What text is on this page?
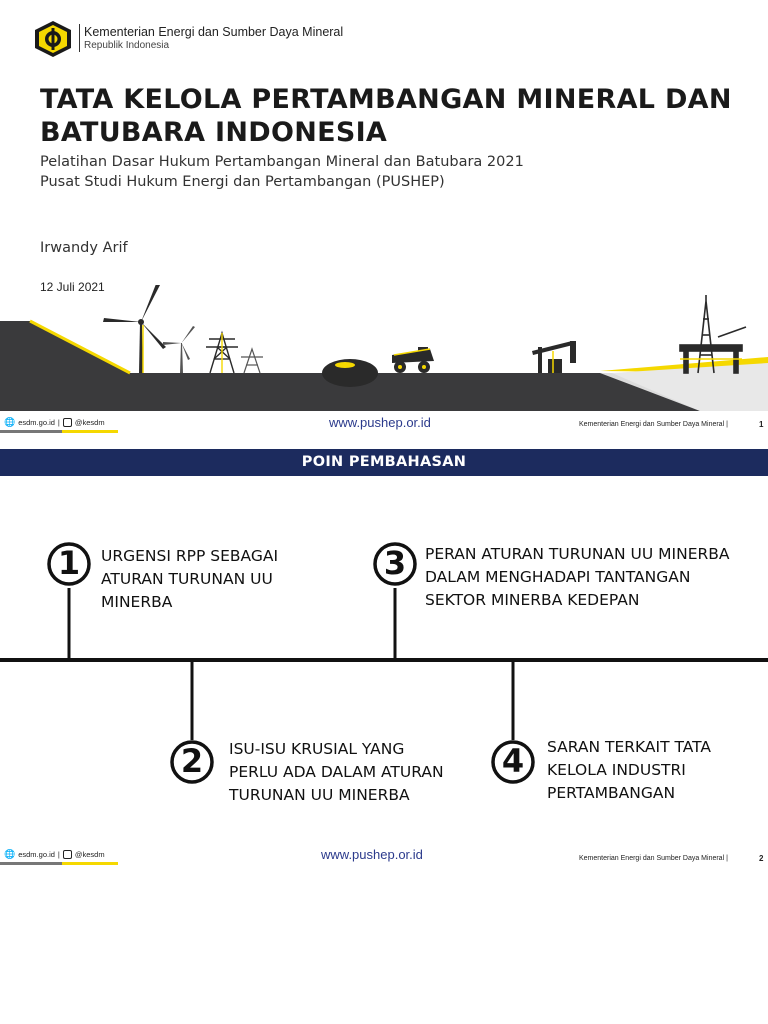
Kementerian Energi dan Sumber Daya Mineral
Republik Indonesia
TATA KELOLA PERTAMBANGAN MINERAL DAN
BATUBARA INDONESIA
Pelatihan Dasar Hukum Pertambangan Mineral dan Batubara 2021
Pusat Studi Hukum Energi dan Pertambangan (PUSHEP)
Irwandy Arif
12 Juli 2021
🌐 esdm.go.id | @kesdm	www.pushep.or.id	Kementerian Energi dan Sumber Daya Mineral |	1
POIN PEMBAHASAN
1	3
2	4
URGENSI RPP SEBAGAI
ATURAN TURUNAN UU
MINERBA
PERAN ATURAN TURUNAN UU MINERBA
DALAM MENGHADAPI TANTANGAN
SEKTOR MINERBA KEDEPAN
ISU-ISU KRUSIAL YANG
PERLU ADA DALAM ATURAN
TURUNAN UU MINERBA
SARAN TERKAIT TATA
KELOLA INDUSTRI
PERTAMBANGAN
🌐 esdm.go.id | @kesdm	www.pushep.or.id	Kementerian Energi dan Sumber Daya Mineral |	2
